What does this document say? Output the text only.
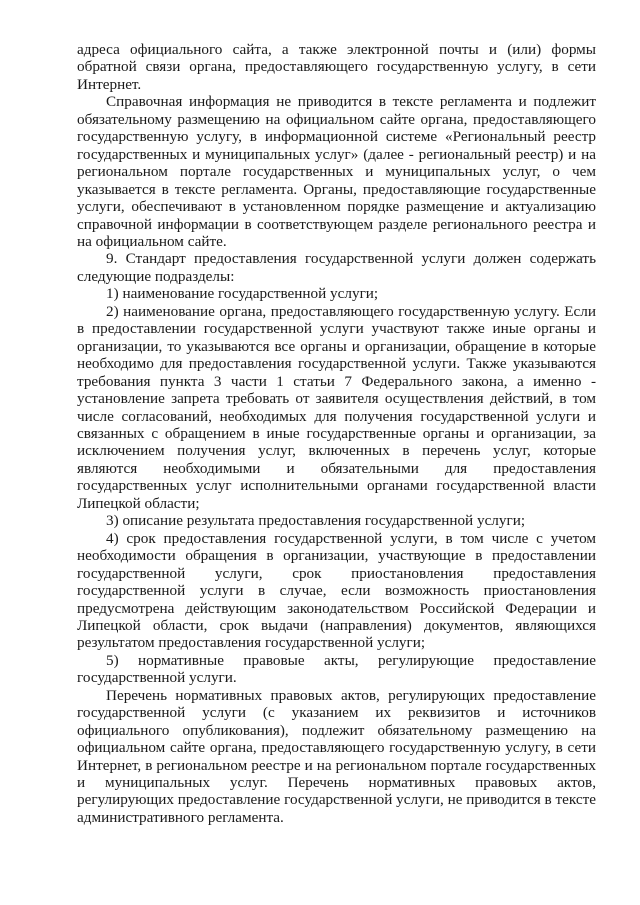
адреса официального сайта, а также электронной почты и (или) формы обратной связи органа, предоставляющего государственную услугу, в сети Интернет.

Справочная информация не приводится в тексте регламента и подлежит обязательному размещению на официальном сайте органа, предоставляющего государственную услугу, в информационной системе «Региональный реестр государственных и муниципальных услуг» (далее - региональный реестр) и на региональном портале государственных и муниципальных услуг, о чем указывается в тексте регламента. Органы, предоставляющие государственные услуги, обеспечивают в установленном порядке размещение и актуализацию справочной информации в соответствующем разделе регионального реестра и на официальном сайте.

9. Стандарт предоставления государственной услуги должен содержать следующие подразделы:

1) наименование государственной услуги;

2) наименование органа, предоставляющего государственную услугу. Если в предоставлении государственной услуги участвуют также иные органы и организации, то указываются все органы и организации, обращение в которые необходимо для предоставления государственной услуги. Также указываются требования пункта 3 части 1 статьи 7 Федерального закона, а именно - установление запрета требовать от заявителя осуществления действий, в том числе согласований, необходимых для получения государственной услуги и связанных с обращением в иные государственные органы и организации, за исключением получения услуг, включенных в перечень услуг, которые являются необходимыми и обязательными для предоставления государственных услуг исполнительными органами государственной власти Липецкой области;

3) описание результата предоставления государственной услуги;

4) срок предоставления государственной услуги, в том числе с учетом необходимости обращения в организации, участвующие в предоставлении государственной услуги, срок приостановления предоставления государственной услуги в случае, если возможность приостановления предусмотрена действующим законодательством Российской Федерации и Липецкой области, срок выдачи (направления) документов, являющихся результатом предоставления государственной услуги;

5) нормативные правовые акты, регулирующие предоставление государственной услуги.

Перечень нормативных правовых актов, регулирующих предоставление государственной услуги (с указанием их реквизитов и источников официального опубликования), подлежит обязательному размещению на официальном сайте органа, предоставляющего государственную услугу, в сети Интернет, в региональном реестре и на региональном портале государственных и муниципальных услуг. Перечень нормативных правовых актов, регулирующих предоставление государственной услуги, не приводится в тексте административного регламента.
